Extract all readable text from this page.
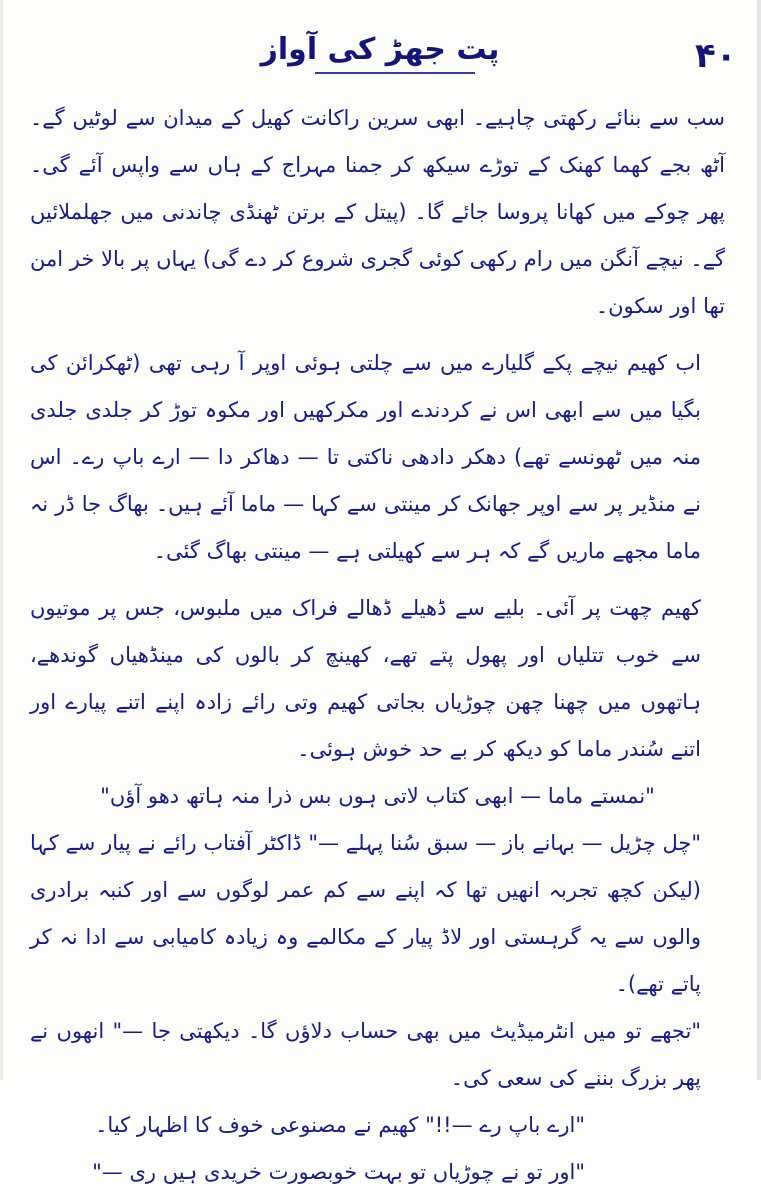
پت جھڑ کی آواز	۴۰

سب سے بنائے رکھتی چاہیے۔ ابھی سرین راکانت کھیل کے میدان سے لوٹیں گے۔ آٹھ بجے کھما کھنک کے توڑے سیکھ کر جمنا مہراج کے ہاں سے واپس آئے گی۔ پھر چوکے میں کھانا پروسا جائے گا۔ (پیتل کے برتن ٹھنڈی چاندنی میں جھلملائیں گے۔ نیچے آنگن میں رام رکھی کوئی گجری شروع کر دے گی) یہاں پر بالا خر امن تھا اور سکون۔

اب کھیم نیچے پکے گلیارے میں سے چلتی ہوئی اوپر آ رہی تھی (ٹھکرائن کی بگیا میں سے ابھی اس نے کردندے اور مکرکھیں اور مکوہ توڑ کر جلدی جلدی منہ میں ٹھونسے تھے) دھکر دادھی ناکتی تا — دھاکر دا — ارے باپ رے۔ اس نے منڈیر پر سے اوپر جھانک کر مینتی سے کہا — ماما آئے ہیں۔ بھاگ جا ڈر نہ ماما مجھے ماریں گے کہ ہر سے کھیلتی ہے — مینتی بھاگ گئی۔

کھیم چھت پر آئی۔ بلیے سے ڈھیلے ڈھالے فراک میں ملبوس، جس پر موتیوں سے خوب تتلیاں اور پھول پتے تھے، کھینچ کر بالوں کی مینڈھیاں گوندھے، ہاتھوں میں چھنا چھن چوڑیاں بجاتی کھیم وتی رائے زادہ اپنے اتنے پیارے اور اتنے سُندر ماما کو دیکھ کر بے حد خوش ہوئی۔

"نمستے ماما — ابھی کتاب لاتی ہوں بس ذرا منہ ہاتھ دھو آؤں"

"چل چڑیل — بہانے باز — سبق سُنا پہلے —" ڈاکٹر آفتاب رائے نے پیار سے کہا (لیکن کچھ تجربہ انھیں تھا کہ اپنے سے کم عمر لوگوں سے اور کنبہ برادری والوں سے یہ گرہستی اور لاڈ پیار کے مکالمے وہ زیادہ کامیابی سے ادا نہ کر پاتے تھے)۔

"تجھے تو میں انٹرمیڈیٹ میں بھی حساب دلاؤں گا۔ دیکھتی جا —" انھوں نے پھر بزرگ بننے کی سعی کی۔

"ارے باپ رے —!!" کھیم نے مصنوعی خوف کا اظہار کیا۔

"اور تو نے چوڑیاں تو بہت خوبصورت خریدی ہیں ری —"
